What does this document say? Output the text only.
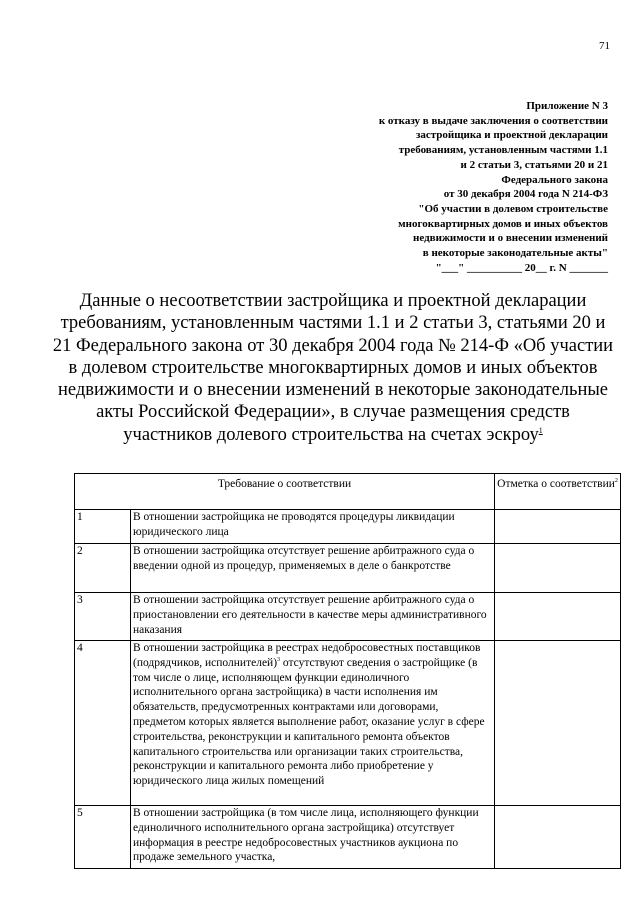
71
Приложение N 3
к отказу в выдаче заключения о соответствии
застройщика и проектной декларации
требованиям, установленным частями 1.1
и 2 статьи 3, статьями 20 и 21
Федерального закона
от 30 декабря 2004 года N 214-ФЗ
"Об участии в долевом строительстве
многоквартирных домов и иных объектов
недвижимости и о внесении изменений
в некоторые законодательные акты"
"___" __________ 20__ г. N _______
Данные о несоответствии застройщика и проектной декларации требованиям, установленным частями 1.1 и 2 статьи 3, статьями 20 и 21 Федерального закона от 30 декабря 2004 года № 214-Ф «Об участии в долевом строительстве многоквартирных домов и иных объектов недвижимости и о внесении изменений в некоторые законодательные акты Российской Федерации», в случае размещения средств участников долевого строительства на счетах эскроу$^1$
Требование о соответствии		Отметка о соответствии$^2$
1	В отношении застройщика не проводятся процедуры ликвидации юридического лица	
2	В отношении застройщика отсутствует решение арбитражного суда о введении одной из процедур, применяемых в деле о банкротстве	
3	В отношении застройщика отсутствует решение арбитражного суда о приостановлении его деятельности в качестве меры административного наказания	
4	В отношении застройщика в реестрах недобросовестных поставщиков (подрядчиков, исполнителей)$^3$ отсутствуют сведения о застройщике (в том числе о лице, исполняющем функции единоличного исполнительного органа застройщика) в части исполнения им обязательств, предусмотренных контрактами или договорами, предметом которых является выполнение работ, оказание услуг в сфере строительства, реконструкции и капитального ремонта объектов капитального строительства или организации таких строительства, реконструкции и капитального ремонта либо приобретение у юридического лица жилых помещений	
5	В отношении застройщика (в том числе лица, исполняющего функции единоличного исполнительного органа застройщика) отсутствует информация в реестре недобросовестных участников аукциона по продаже земельного участка,	
